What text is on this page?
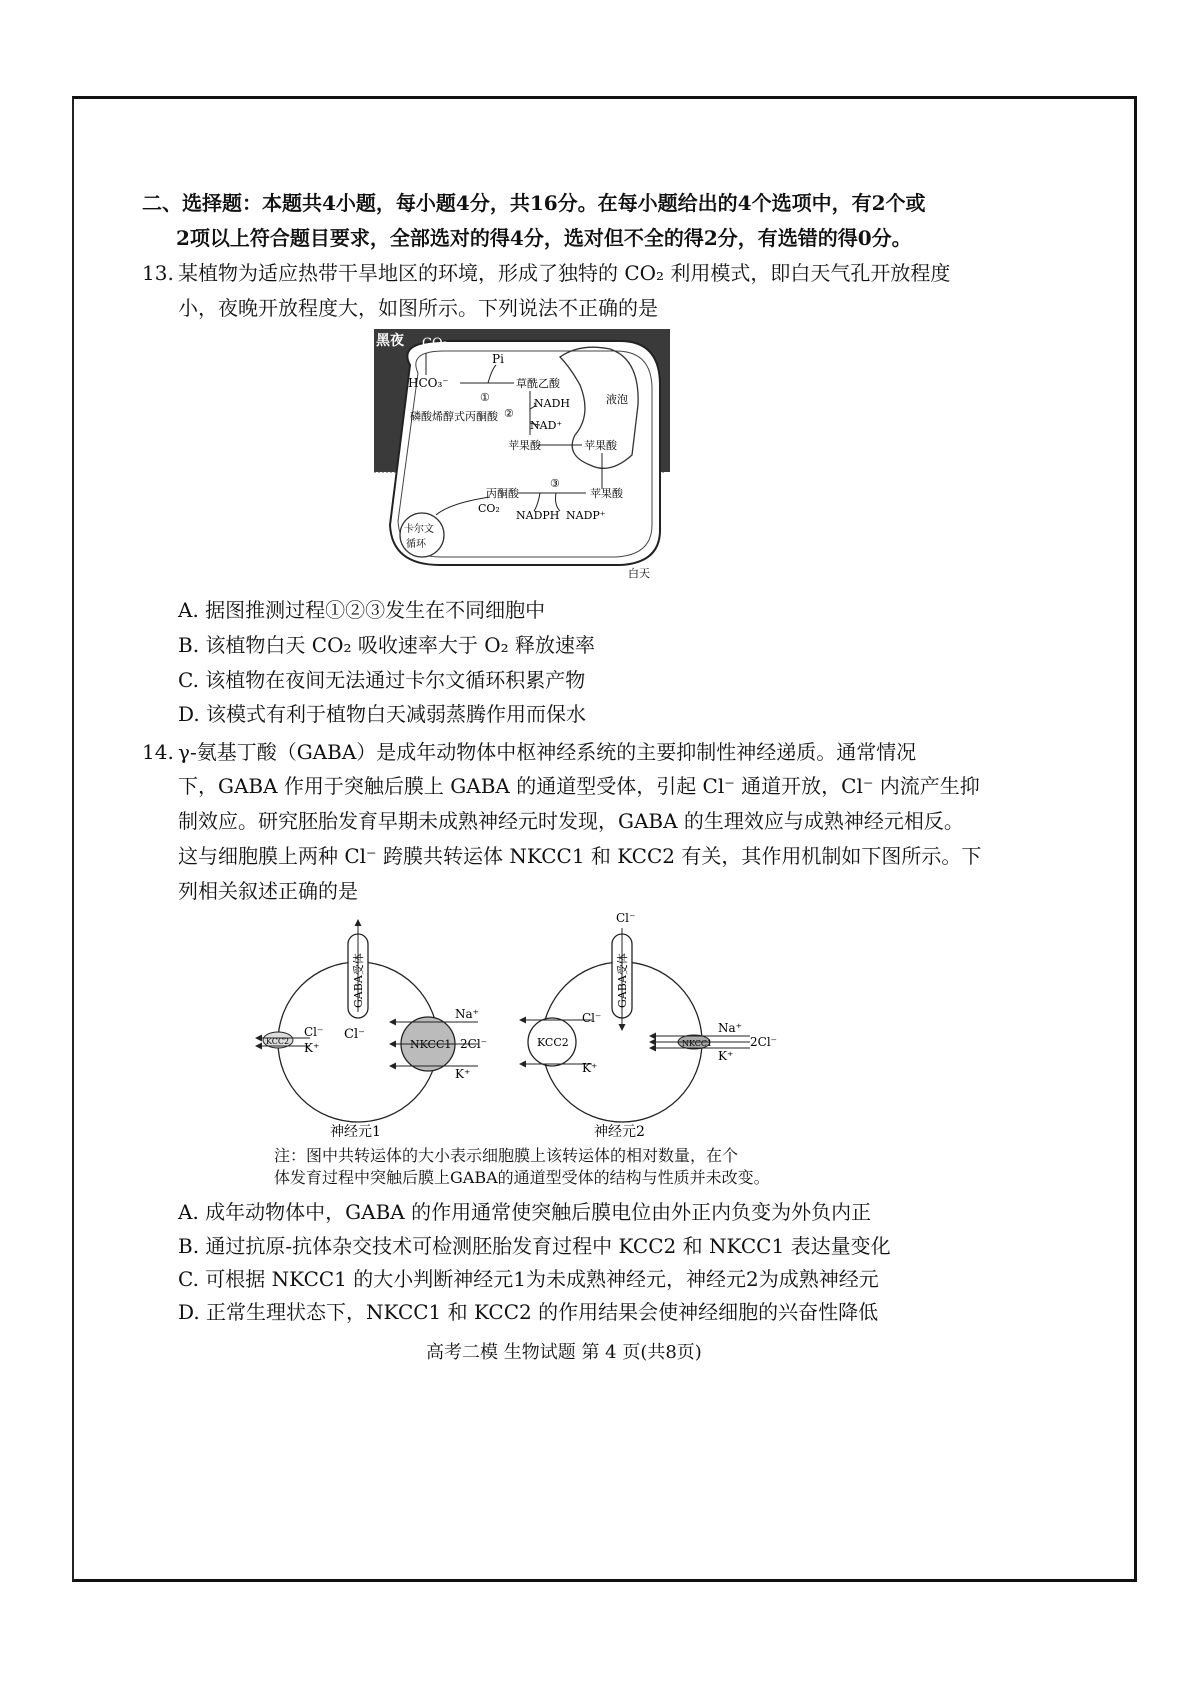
二、选择题：本题共4小题，每小题4分，共16分。在每小题给出的4个选项中，有2个或
2项以上符合题目要求，全部选对的得4分，选对但不全的得2分，有选错的得0分。
13. 某植物为适应热带干旱地区的环境，形成了独特的 CO₂ 利用模式，即白天气孔开放程度
小，夜晚开放程度大，如图所示。下列说法不正确的是
黑夜 CO₂
Pi
HCO₃⁻
①
草酰乙酸
②
NADH
磷酸烯醇式丙酮酸
NAD⁺
苹果酸	苹果酸
液泡
③
丙酮酸	苹果酸
CO₂
NADPH NADP⁺
卡尔文
循环
白天
A. 据图推测过程①②③发生在不同细胞中
B. 该植物白天 CO₂ 吸收速率大于 O₂ 释放速率
C. 该植物在夜间无法通过卡尔文循环积累产物
D. 该模式有利于植物白天减弱蒸腾作用而保水
14. γ-氨基丁酸（GABA）是成年动物体中枢神经系统的主要抑制性神经递质。通常情况
下，GABA 作用于突触后膜上 GABA 的通道型受体，引起 Cl⁻ 通道开放，Cl⁻ 内流产生抑
制效应。研究胚胎发育早期未成熟神经元时发现，GABA 的生理效应与成熟神经元相反。
这与细胞膜上两种 Cl⁻ 跨膜共转运体 NKCC1 和 KCC2 有关，其作用机制如下图所示。下
列相关叙述正确的是
GABA受体
Cl⁻
NKCC1
Na⁺
2Cl⁻
K⁺
KCC2
Cl⁻
K⁺
神经元1
Cl⁻
GABA受体
KCC2
Cl⁻
K⁺
NKCC1
Na⁺
2Cl⁻
K⁺
神经元2
注：图中共转运体的大小表示细胞膜上该转运体的相对数量，在个
体发育过程中突触后膜上GABA的通道型受体的结构与性质并未改变。
A. 成年动物体中，GABA 的作用通常使突触后膜电位由外正内负变为外负内正
B. 通过抗原-抗体杂交技术可检测胚胎发育过程中 KCC2 和 NKCC1 表达量变化
C. 可根据 NKCC1 的大小判断神经元1为未成熟神经元，神经元2为成熟神经元
D. 正常生理状态下，NKCC1 和 KCC2 的作用结果会使神经细胞的兴奋性降低
高考二模 生物试题 第 4 页(共8页)
